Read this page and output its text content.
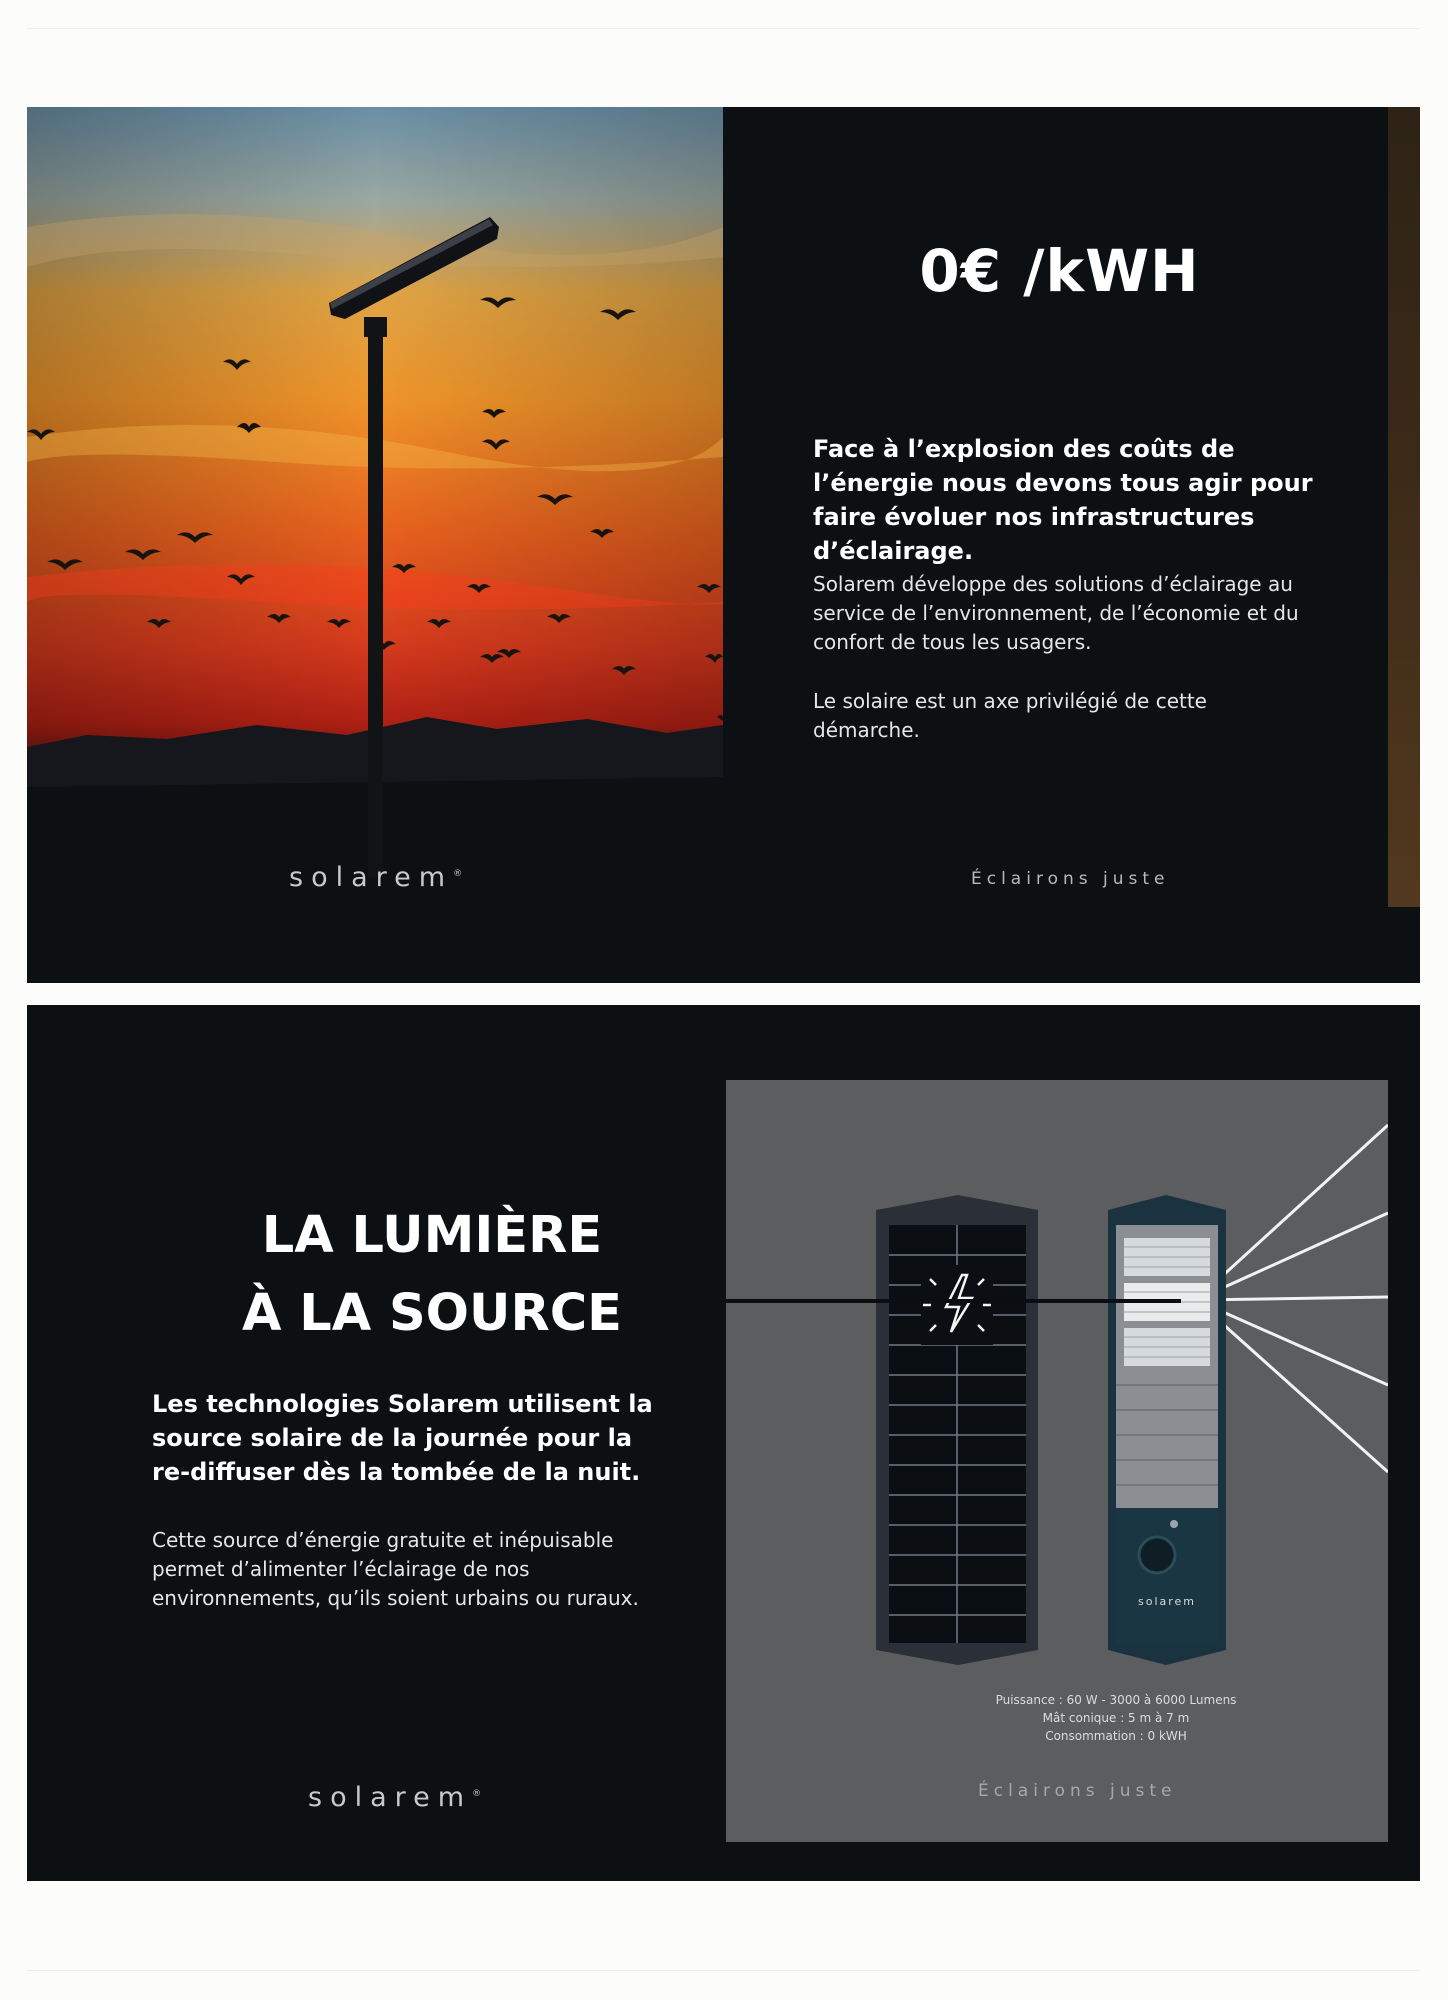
0€ /kWH
Face à l’explosion des coûts de l’énergie nous devons tous agir pour faire évoluer nos infrastructures d’éclairage.
Solarem développe des solutions d’éclairage au service de l’environnement, de l’économie et du confort de tous les usagers.
Le solaire est un axe privilégié de cette démarche.
solarem®	Éclairons juste
LA LUMIÈRE
À LA SOURCE
Les technologies Solarem utilisent la source solaire de la journée pour la re-diffuser dès la tombée de la nuit.
Cette source d’énergie gratuite et inépuisable permet d’alimenter l’éclairage de nos environnements, qu’ils soient urbains ou ruraux.
solarem®
solarem
Puissance : 60 W - 3000 à 6000 Lumens
Mât conique : 5 m à 7 m
Consommation : 0 kWH
Éclairons juste
